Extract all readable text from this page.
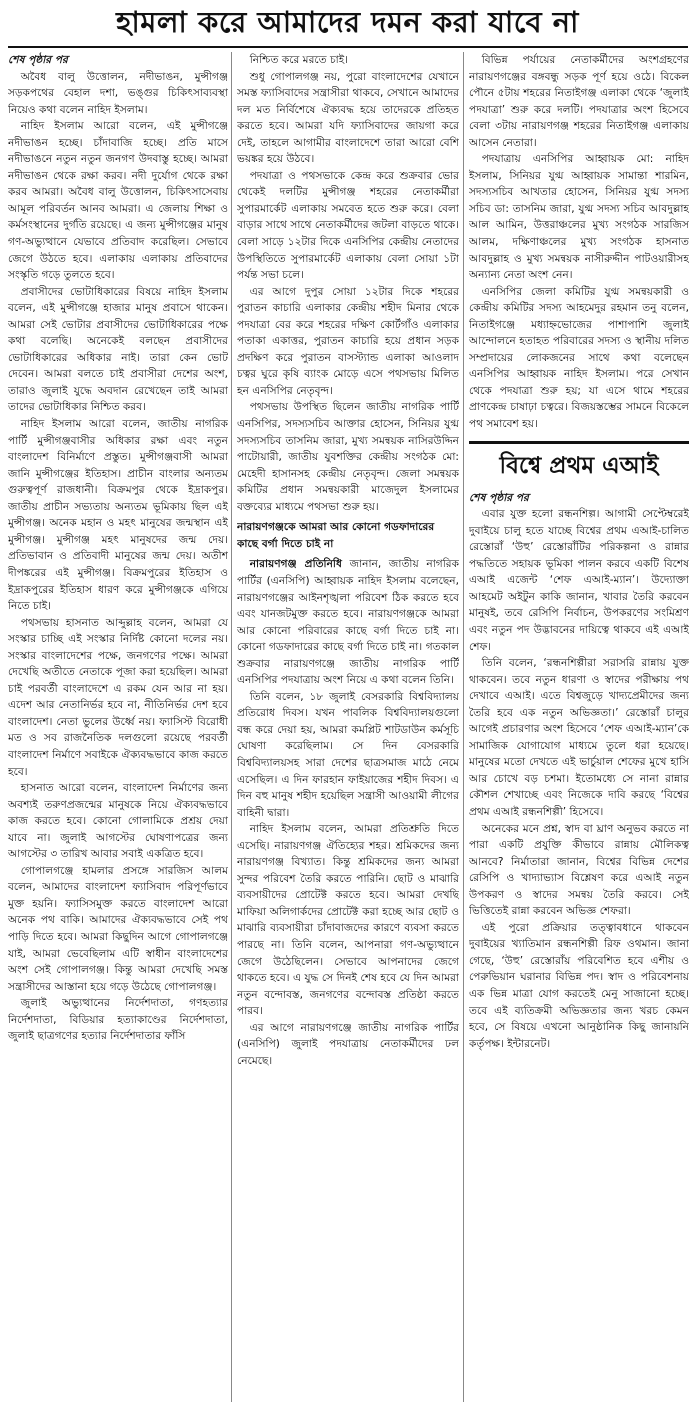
হামলা করে আমাদের দমন করা যাবে না

শেষ পৃষ্ঠার পর

অবৈধ বালু উত্তোলন, নদীভাঙন, মুন্সীগঞ্জ সড়কপথের বেহাল দশা, ভঙ্গুর চিকিৎসাব্যবস্থা নিয়েও কথা বলেন নাহিদ ইসলাম।

নাহিদ ইসলাম আরো বলেন, এই মুন্সীগঞ্জে নদীভাঙন হচ্ছে। চাঁদাবাজি হচ্ছে। প্রতি মাসে নদীভাঙনে নতুন নতুন জনগণ উদবাস্তু হচ্ছে। আমরা নদীভাঙন থেকে রক্ষা করব। নদী দুর্যোগ থেকে রক্ষা করব আমরা। অবৈধ বালু উত্তোলন, চিকিৎসাসেবায় আমূল পরিবর্তন আনব আমরা। এ জেলায় শিক্ষা ও কর্মসংস্থানের দুর্গতি রয়েছে। এ জন্য মুন্সীগঞ্জের মানুষ গণ-অভ্যুত্থানে যেভাবে প্রতিবাদ করেছিল। সেভাবে জেগে উঠতে হবে। এলাকায় এলাকায় প্রতিবাদের সংস্কৃতি গড়ে তুলতে হবে।

প্রবাসীদের ভোটাধিকারের বিষয়ে নাহিদ ইসলাম বলেন, এই মুন্সীগঞ্জে হাজার মানুষ প্রবাসে থাকেন। আমরা সেই ভোটার প্রবাসীদের ভোটাধিকারের পক্ষে কথা বলেছি। অনেকেই বলছেন প্রবাসীদের ভোটাধিকারের অধিকার নাই। তারা কেন ভোট দেবেন। আমরা বলতে চাই প্রবাসীরা দেশের অংশ, তারাও জুলাই যুদ্ধে অবদান রেখেছেন তাই আমরা তাদের ভোটাধিকার নিশ্চিত করব।

নাহিদ ইসলাম আরো বলেন, জাতীয় নাগরিক পার্টি মুন্সীগঞ্জবাসীর অধিকার রক্ষা এবং নতুন বাংলাদেশ বিনির্মাণে প্রস্তুত। মুন্সীগঞ্জবাসী আমরা জানি মুন্সীগঞ্জের ইতিহাস। প্রাচীন বাংলার অন্যতম গুরুত্বপূর্ণ রাজধানী। বিক্রমপুর থেকে ইদ্রাকপুর। জাতীয় প্রাচীন সভ্যতায় অন্যতম ভূমিকায় ছিল এই মুন্সীগঞ্জ। অনেক মহান ও মহৎ মানুষের জন্মস্থান এই মুন্সীগঞ্জ। মুন্সীগঞ্জ মহৎ মানুষদের জন্ম দেয়। প্রতিভাবান ও প্রতিবাদী মানুষের জন্ম দেয়। অতীশ দীপঙ্করের এই মুন্সীগঞ্জ। বিক্রমপুরের ইতিহাস ও ইদ্রাকপুরের ইতিহাস ধারণ করে মুন্সীগঞ্জকে এগিয়ে নিতে চাই।

পথসভায় হাসনাত আব্দুল্লাহ বলেন, আমরা যে সংস্কার চাচ্ছি এই সংস্কার নির্দিষ্ট কোনো দলের নয়। সংস্কার বাংলাদেশের পক্ষে, জনগণের পক্ষে। আমরা দেখেছি অতীতে নেতাকে পূজা করা হয়েছিল। আমরা চাই পরবর্তী বাংলাদেশে এ রকম যেন আর না হয়। এদেশ আর নেতানির্ভর হবে না, নীতিনির্ভর দেশ হবে বাংলাদেশ। নেতা ভুলের উর্ধ্বে নয়। ফ্যাসিস্ট বিরোধী মত ও সব রাজনৈতিক দলগুলো রয়েছে পরবর্তী বাংলাদেশ নির্মাণে সবাইকে ঐক্যবদ্ধভাবে কাজ করতে হবে।

হাসনাত আরো বলেন, বাংলাদেশ নির্মাণের জন্য অবশ্যই তরুণপ্রজন্মের মানুষকে নিয়ে ঐক্যবদ্ধভাবে কাজ করতে হবে। কোনো গোলামিকে প্রশ্রয় দেয়া যাবে না। জুলাই আগস্টের ঘোষণাপত্রের জন্য আগস্টের ৩ তারিখ আবার সবাই একত্রিত হবে।

গোপালগঞ্জে হামলার প্রসঙ্গে সারজিস আলম বলেন, আমাদের বাংলাদেশ ফ্যাসিবাদ পরিপূর্ণভাবে মুক্ত হয়নি। ফ্যাসিসমুক্ত করতে বাংলাদেশ আরো অনেক পথ বাকি। আমাদের ঐক্যবদ্ধভাবে সেই পথ পাড়ি দিতে হবে। আমরা কিছুদিন আগে গোপালগঞ্জে যাই, আমরা ভেবেছিলাম এটি স্বাধীন বাংলাদেশের অংশ সেই গোপালগঞ্জ। কিন্তু আমরা দেখেছি সমস্ত সন্ত্রাসীদের আস্তানা হয়ে গড়ে উঠেছে গোপালগঞ্জ।

জুলাই অভ্যুত্থানের নির্দেশদাতা, গণহত্যার নির্দেশদাতা, বিডিয়ার হত্যাকাণ্ডের নির্দেশদাতা, জুলাই ছাত্রগণের হত্যার নির্দেশদাতার ফাঁসি

নিশ্চিত করে মরতে চাই।

শুধু গোপালগঞ্জ নয়, পুরো বাংলাদেশের যেখানে সমস্ত ফ্যাসিবাদের সন্ত্রাসীরা থাকবে, সেখানে আমাদের দল মত নির্বিশেষে ঐক্যবদ্ধ হয়ে তাদেরকে প্রতিহত করতে হবে। আমরা যদি ফ্যাসিবাদের জায়গা করে দেই, তাহলে আগামীর বাংলাদেশে তারা আরো বেশি ভয়ঙ্কর হয়ে উঠবে।

পদযাত্রা ও পথসভাকে কেন্দ্র করে শুক্রবার ভোর থেকেই দলটির মুন্সীগঞ্জ শহরের নেতাকর্মীরা সুপারমার্কেট এলাকায় সমবেত হতে শুরু করে। বেলা বাড়ার সাথে সাথে নেতাকর্মীদের জটলা বাড়তে থাকে। বেলা সাড়ে ১২টার দিকে এনসিপির কেন্দ্রীয় নেতাদের উপস্থিতিতে সুপারমার্কেট এলাকায় বেলা সোয়া ১টা পর্যন্ত সভা চলে।

এর আগে দুপুর সোয়া ১২টার দিকে শহরের পুরাতন কাচারি এলাকার কেন্দ্রীয় শহীদ মিনার থেকে পদযাত্রা বের করে শহরের দক্ষিণ কোর্টগাঁও এলাকার পতাকা একাত্তর, পুরাতন কাচারি হয়ে প্রধান সড়ক প্রদক্ষিণ করে পুরাতন বাসস্ট্যান্ড এলাকা আওলাদ চত্বর ঘুরে কৃষি ব্যাংক মোড়ে এসে পথসভায় মিলিত হন এনসিপির নেতৃবৃন্দ।

পথসভায় উপস্থিত ছিলেন জাতীয় নাগরিক পার্টি এনসিপির, সদস্যসচিব আক্তার হোসেন, সিনিয়র যুগ্ম সদস্যসচিব তাসনিম জারা, মুখ্য সমন্বয়ক নাসিরউদ্দিন পাটোয়ারী, জাতীয় যুবশক্তির কেন্দ্রীয় সংগঠক মো: মেহেদী হাসানসহ কেন্দ্রীয় নেতৃবৃন্দ। জেলা সমন্বয়ক কমিটির প্রধান সমন্বয়কারী মাজেদুল ইসলামের বক্তব্যের মাধ্যমে পথসভা শুরু হয়।

নারায়ণগঞ্জকে আমরা আর কোনো গডফাদারের কাছে বর্গা দিতে চাই না

নারায়ণগঞ্জ প্রতিনিধি জানান, জাতীয় নাগরিক পার্টির (এনসিপি) আহ্বায়ক নাহিদ ইসলাম বলেছেন, নারায়ণগঞ্জের আইনশৃঙ্খলা পরিবেশ ঠিক করতে হবে এবং যানজটমুক্ত করতে হবে। নারায়ণগঞ্জকে আমরা আর কোনো পরিবারের কাছে বর্গা দিতে চাই না। কোনো গডফাদারের কাছে বর্গা দিতে চাই না। গতকাল শুক্রবার নারায়ণগঞ্জে জাতীয় নাগরিক পার্টি এনসিপির পদযাত্রায় অংশ নিয়ে এ কথা বলেন তিনি।

তিনি বলেন, ১৮ জুলাই বেসরকারি বিশ্ববিদ্যালয় প্রতিরোধ দিবস। যখন পাবলিক বিশ্ববিদ্যালয়গুলো বন্ধ করে দেয়া হয়, আমরা কমপ্লিট শাটডাউন কর্মসূচি ঘোষণা করেছিলাম। সে দিন বেসরকারি বিশ্ববিদ্যালয়সহ সারা দেশের ছাত্রসমাজ মাঠে নেমে এসেছিল। এ দিন ফারহান ফাইয়াজের শহীদ দিবস। এ দিন বহু মানুষ শহীদ হয়েছিল সন্ত্রাসী আওয়ামী লীগের বাহিনী দ্বারা।

নাহিদ ইসলাম বলেন, আমরা প্রতিশ্রুতি দিতে এসেছি। নারায়ণগঞ্জ ঐতিহ্যের শহর। শ্রমিকদের জন্য নারায়ণগঞ্জ বিখ্যাত। কিন্তু শ্রমিকদের জন্য আমরা সুন্দর পরিবেশ তৈরি করতে পারিনি। ছোট ও মাঝারি ব্যবসায়ীদের প্রোটেক্ট করতে হবে। আমরা দেখছি মাফিয়া অলিগার্কদের প্রোটেক্ট করা হচ্ছে আর ছোট ও মাঝারি ব্যবসায়ীরা চাঁদাবাজদের কারণে ব্যবসা করতে পারছে না। তিনি বলেন, আপনারা গণ-অভ্যুত্থানে জেগে উঠেছিলেন। সেভাবে আপনাদের জেগে থাকতে হবে। এ যুদ্ধ সে দিনই শেষ হবে যে দিন আমরা নতুন বন্দোবস্ত, জনগণের বন্দোবস্ত প্রতিষ্ঠা করতে পারব।

এর আগে নারায়ণগঞ্জে জাতীয় নাগরিক পার্টির (এনসিপি) জুলাই পদযাত্রায় নেতাকর্মীদের ঢল নেমেছে।

বিভিন্ন পর্যায়ের নেতাকর্মীদের অংশগ্রহণের নারায়ণগঞ্জের বঙ্গবন্ধু সড়ক পূর্ণ হয়ে ওঠে। বিকেল পৌনে ৫টায় শহরের নিতাইগঞ্জ এলাকা থেকে ‘জুলাই পদযাত্রা’ শুরু করে দলটি। পদযাত্রার অংশ হিসেবে বেলা ৩টায় নারায়ণগঞ্জ শহরের নিতাইগঞ্জ এলাকায় আসেন নেতারা।

পদযাত্রায় এনসিপির আহ্বায়ক মো: নাহিদ ইসলাম, সিনিয়র যুগ্ম আহ্বায়ক সামান্তা শারমিন, সদস্যসচিব আখতার হোসেন, সিনিয়র যুগ্ম সদস্য সচিব ডা: তাসনিম জারা, যুগ্ম সদস্য সচিব আবদুল্লাহ আল আমিন, উত্তরাঞ্চলের মুখ্য সংগঠক সারজিস আলম, দক্ষিণাঞ্চলের মুখ্য সংগঠক হাসনাত আবদুল্লাহ ও মুখ্য সমন্বয়ক নাসীরুদ্দীন পাটওয়ারীসহ অন্যান্য নেতা অংশ নেন।

এনসিপির জেলা কমিটির যুগ্ম সমন্বয়কারী ও কেন্দ্রীয় কমিটির সদস্য আহমেদুর রহমান তনু বলেন, নিতাইগঞ্জে মধ্যাহ্নভোজের পাশাপাশি জুলাই আন্দোলনে হতাহত পরিবারের সদস্য ও স্থানীয় দলিত সম্প্রদায়ের লোকজনের সাথে কথা বলেছেন এনসিপির আহ্বায়ক নাহিদ ইসলাম। পরে সেখান থেকে পদযাত্রা শুরু হয়; যা এসে থামে শহরের প্রাণকেন্দ্র চাষাঢ়া চত্বরে। বিজয়স্তম্ভের সামনে বিকেলে পথ সমাবেশ হয়।

বিশ্বে প্রথম এআই

শেষ পৃষ্ঠার পর

এবার যুক্ত হলো রন্ধনশিল্প। আগামী সেপ্টেম্বরেই দুবাইয়ে চালু হতে যাচ্ছে বিশ্বের প্রথম এআই-চালিত রেস্তোরাঁ ‘উহু’ রেস্তোরাঁটির পরিকল্পনা ও রান্নার পদ্ধতিতে সহায়ক ভূমিকা পালন করবে একটি বিশেষ এআই এজেন্ট ‘শেফ এআই-ম্যান’। উদ্যোক্তা আহমেট অইটুন কাকি জানান, খাবার তৈরি করবেন মানুষই, তবে রেসিপি নির্বাচন, উপকরণের সংমিশ্রণ এবং নতুন পদ উদ্ভাবনের দায়িত্বে থাকবে এই এআই শেফ।

তিনি বলেন, ‘রন্ধনশিল্পীরা সরাসরি রান্নায় যুক্ত থাকবেন। তবে নতুন ধারণা ও স্বাদের পরীক্ষায় পথ দেখাবে এআই। এতে বিশ্বজুড়ে খাদ্যপ্রেমীদের জন্য তৈরি হবে এক নতুন অভিজ্ঞতা।’ রেস্তোরাঁ চালুর আগেই প্রচারণার অংশ হিসেবে ‘শেফ এআই-ম্যান’কে সামাজিক যোগাযোগ মাধ্যমে তুলে ধরা হয়েছে। মানুষের মতো দেখতে এই ভার্চুয়াল শেফের মুখে হাসি আর চোখে বড় চশমা। ইতোমধ্যে সে নানা রান্নার কৌশল শেখাচ্ছে এবং নিজেকে দাবি করছে ‘বিশ্বের প্রথম এআই রন্ধনশিল্পী’ হিসেবে।

অনেকের মনে প্রশ্ন, স্বাদ বা ঘ্রাণ অনুভব করতে না পারা একটি প্রযুক্তি কীভাবে রান্নায় মৌলিকত্ব আনবে? নির্মাতারা জানান, বিশ্বের বিভিন্ন দেশের রেসিপি ও খাদ্যাভ্যাস বিশ্লেষণ করে এআই নতুন উপকরণ ও স্বাদের সমন্বয় তৈরি করবে। সেই ভিত্তিতেই রান্না করবেন অভিজ্ঞ শেফরা।

এই পুরো প্রক্রিয়ার তত্ত্বাবধানে থাকবেন দুবাইয়ের খ্যাতিমান রন্ধনশিল্পী রিফ ওথমান। জানা গেছে, ‘উহু’ রেস্তোরাঁয় পরিবেশিত হবে এশীয় ও পেরুভিয়ান ঘরানার বিভিন্ন পদ। স্বাদ ও পরিবেশনায় এক ভিন্ন মাত্রা যোগ করতেই মেনু সাজানো হচ্ছে। তবে এই ব্যতিক্রমী অভিজ্ঞতার জন্য খরচ কেমন হবে, সে বিষয়ে এখনো আনুষ্ঠানিক কিছু জানায়নি কর্তৃপক্ষ। ইন্টারনেট।
